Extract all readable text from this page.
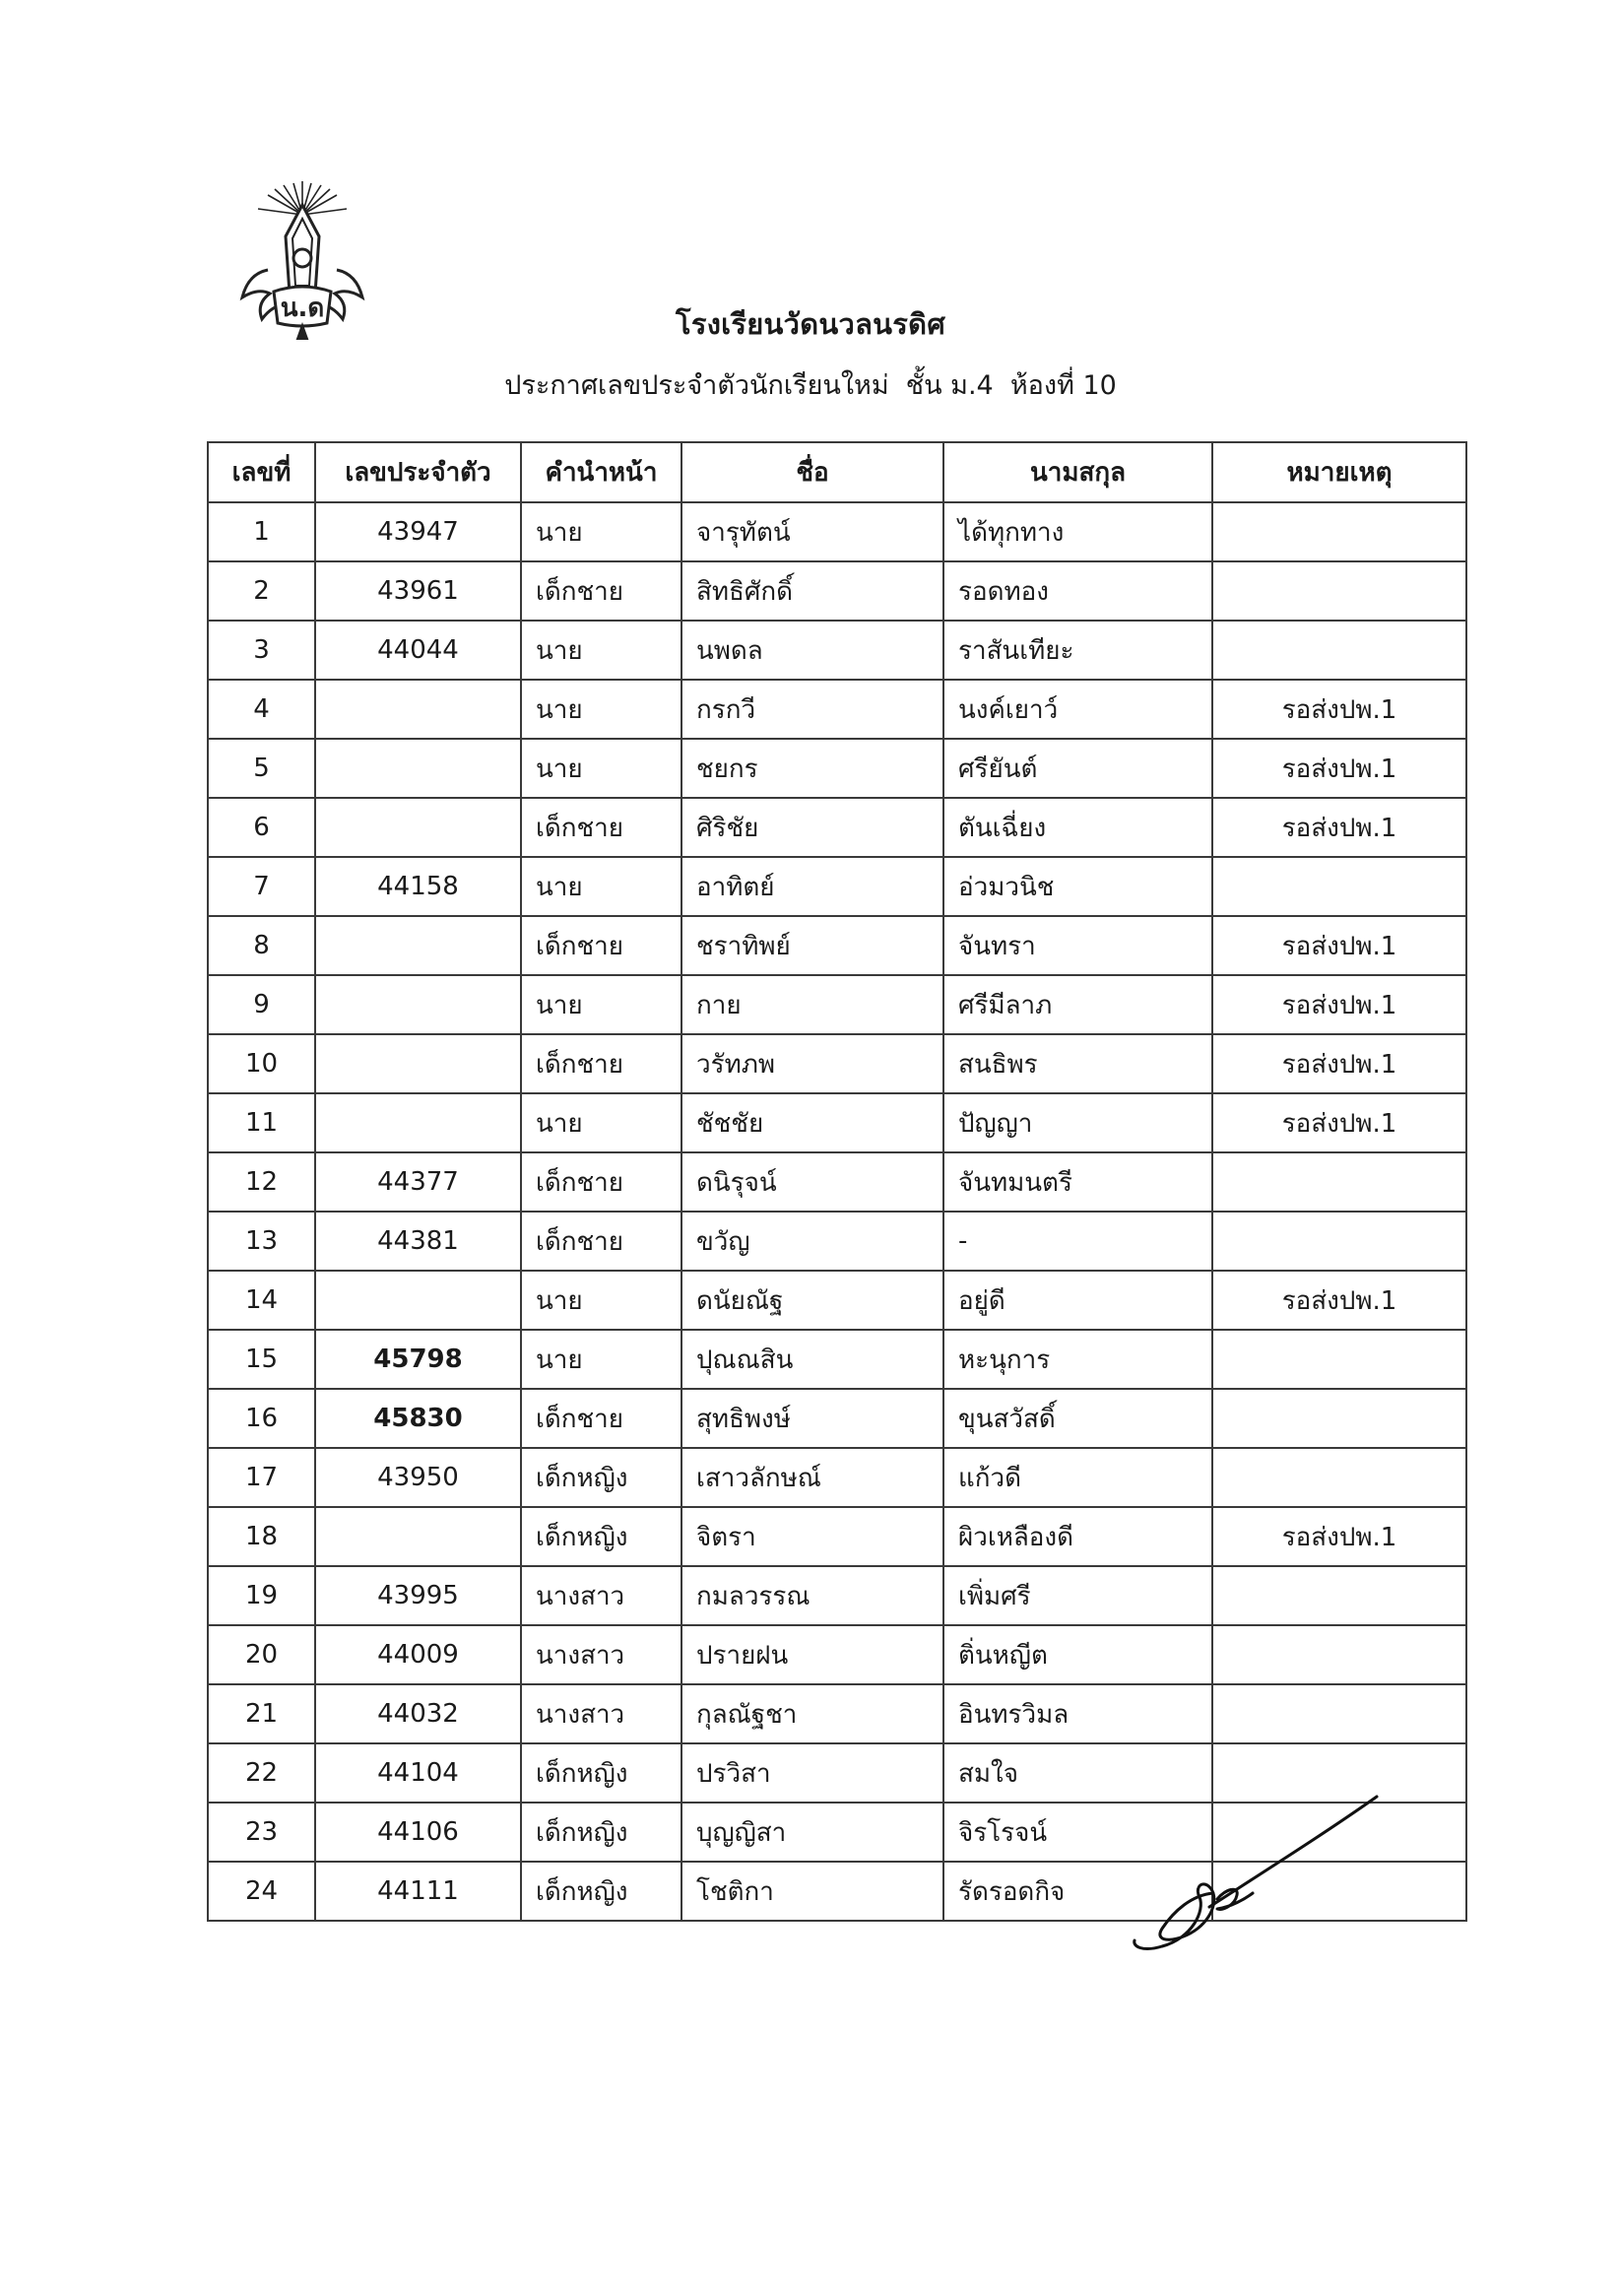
น.ด	โรงเรียนวัดนวลนรดิศ
ประกาศเลขประจำตัวนักเรียนใหม่  ชั้น ม.4  ห้องที่ 10
เลขที่	เลขประจำตัว	คำนำหน้า	ชื่อ	นามสกุล	หมายเหตุ
1	43947	นาย	จารุทัตน์	ได้ทุกทาง	
2	43961	เด็กชาย	สิทธิศักดิ์	รอดทอง	
3	44044	นาย	นพดล	ราสันเทียะ	
4		นาย	กรกวี	นงค์เยาว์	รอส่งปพ.1
5		นาย	ชยกร	ศรียันต์	รอส่งปพ.1
6		เด็กชาย	ศิริชัย	ตันเฉี่ยง	รอส่งปพ.1
7	44158	นาย	อาทิตย์	อ่วมวนิช	
8		เด็กชาย	ชราทิพย์	จันทรา	รอส่งปพ.1
9		นาย	กาย	ศรีมีลาภ	รอส่งปพ.1
10		เด็กชาย	วรัทภพ	สนธิพร	รอส่งปพ.1
11		นาย	ชัชชัย	ปัญญา	รอส่งปพ.1
12	44377	เด็กชาย	ดนิรุจน์	จันทมนตรี	
13	44381	เด็กชาย	ขวัญ	-	
14		นาย	ดนัยณัฐ	อยู่ดี	รอส่งปพ.1
15	45798	นาย	ปุณณสิน	หะนุการ	
16	45830	เด็กชาย	สุทธิพงษ์	ขุนสวัสดิ์	
17	43950	เด็กหญิง	เสาวลักษณ์	แก้วดี	
18		เด็กหญิง	จิตรา	ผิวเหลืองดี	รอส่งปพ.1
19	43995	นางสาว	กมลวรรณ	เพิ่มศรี	
20	44009	นางสาว	ปรายฝน	ติ่นหญีต	
21	44032	นางสาว	กุลณัฐชา	อินทรวิมล	
22	44104	เด็กหญิง	ปรวิสา	สมใจ	
23	44106	เด็กหญิง	บุญญิสา	จิรโรจน์	
24	44111	เด็กหญิง	โชติกา	รัดรอดกิจ	
